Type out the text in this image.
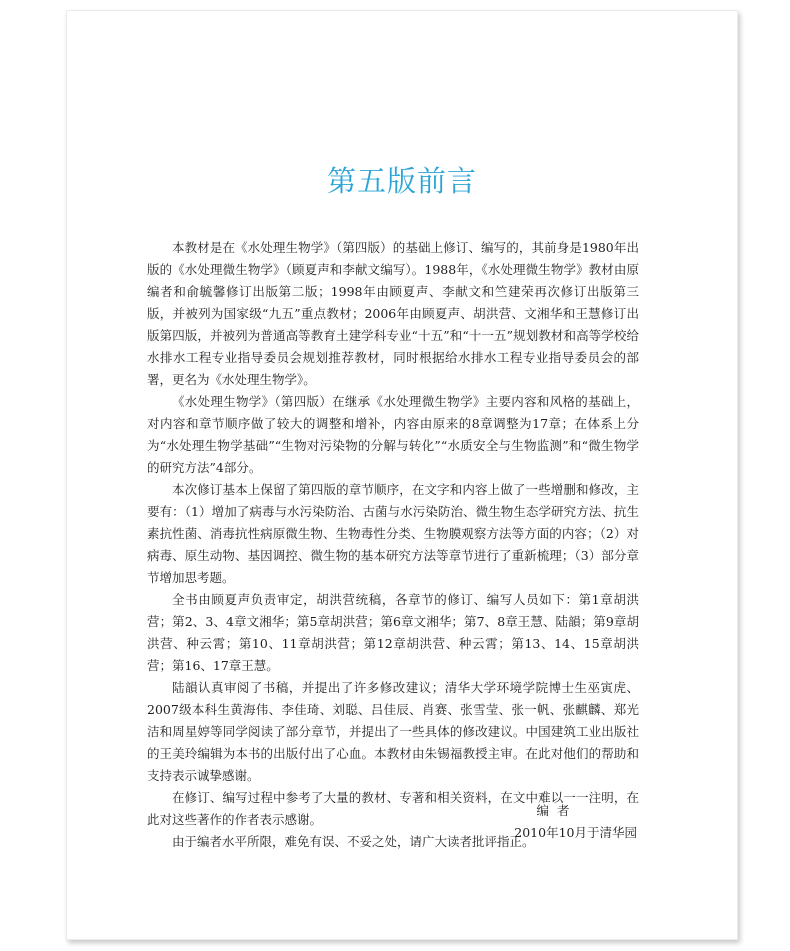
第五版前言

本教材是在《水处理生物学》（第四版）的基础上修订、编写的，其前身是1980年出版的《水处理微生物学》（顾夏声和李献文编写）。1988年，《水处理微生物学》教材由原编者和俞毓馨修订出版第二版；1998年由顾夏声、李献文和竺建荣再次修订出版第三版，并被列为国家级“九五”重点教材；2006年由顾夏声、胡洪营、文湘华和王慧修订出版第四版，并被列为普通高等教育土建学科专业“十五”和“十一五”规划教材和高等学校给水排水工程专业指导委员会规划推荐教材，同时根据给水排水工程专业指导委员会的部署，更名为《水处理生物学》。

《水处理生物学》（第四版）在继承《水处理微生物学》主要内容和风格的基础上，对内容和章节顺序做了较大的调整和增补，内容由原来的8章调整为17章；在体系上分为“水处理生物学基础”“生物对污染物的分解与转化”“水质安全与生物监测”和“微生物学的研究方法”4部分。

本次修订基本上保留了第四版的章节顺序，在文字和内容上做了一些增删和修改，主要有：（1）增加了病毒与水污染防治、古菌与水污染防治、微生物生态学研究方法、抗生素抗性菌、消毒抗性病原微生物、生物毒性分类、生物膜观察方法等方面的内容；（2）对病毒、原生动物、基因调控、微生物的基本研究方法等章节进行了重新梳理；（3）部分章节增加思考题。

全书由顾夏声负责审定，胡洪营统稿，各章节的修订、编写人员如下：第1章胡洪营；第2、3、4章文湘华；第5章胡洪营；第6章文湘华；第7、8章王慧、陆韻；第9章胡洪营、种云霄；第10、11章胡洪营；第12章胡洪营、种云霄；第13、14、15章胡洪营；第16、17章王慧。

陆韻认真审阅了书稿，并提出了许多修改建议；清华大学环境学院博士生巫寅虎、2007级本科生黄海伟、李佳琦、刘聪、吕佳辰、肖赛、张雪莹、张一帆、张麒麟、郑光洁和周星婷等同学阅读了部分章节，并提出了一些具体的修改建议。中国建筑工业出版社的王美玲编辑为本书的出版付出了心血。本教材由朱锡福教授主审。在此对他们的帮助和支持表示诚挚感谢。

在修订、编写过程中参考了大量的教材、专著和相关资料，在文中难以一一注明，在此对这些著作的作者表示感谢。

由于编者水平所限，难免有误、不妥之处，请广大读者批评指正。

编者
2010年10月于清华园
